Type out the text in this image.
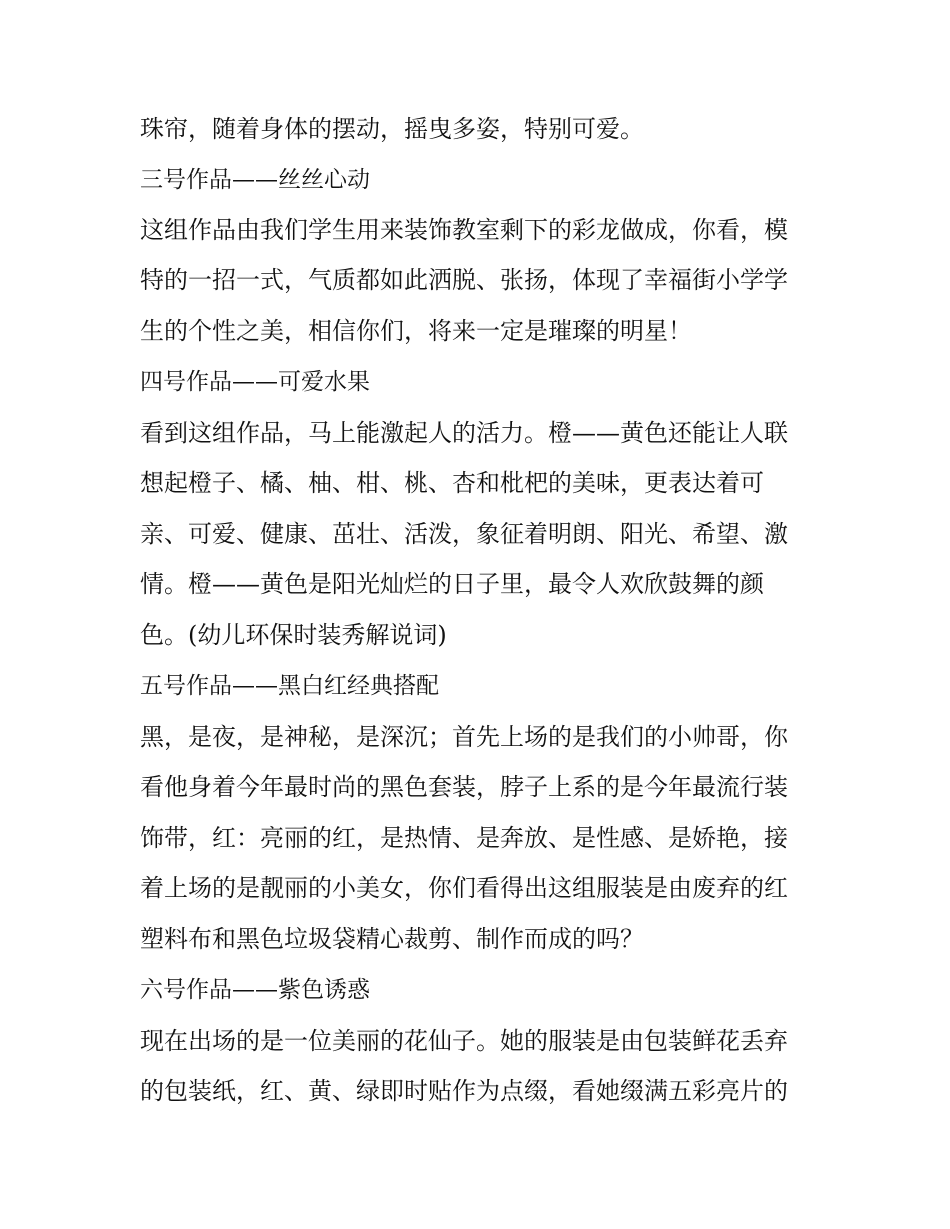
珠帘，随着身体的摆动，摇曳多姿，特别可爱。
三号作品——丝丝心动
这组作品由我们学生用来装饰教室剩下的彩龙做成，你看，模
特的一招一式，气质都如此洒脱、张扬，体现了幸福街小学学
生的个性之美，相信你们，将来一定是璀璨的明星！
四号作品——可爱水果
看到这组作品，马上能激起人的活力。橙——黄色还能让人联
想起橙子、橘、柚、柑、桃、杏和枇杷的美味，更表达着可
亲、可爱、健康、茁壮、活泼，象征着明朗、阳光、希望、激
情。橙——黄色是阳光灿烂的日子里，最令人欢欣鼓舞的颜
色。(幼儿环保时装秀解说词)
五号作品——黑白红经典搭配
黑，是夜，是神秘，是深沉；首先上场的是我们的小帅哥，你
看他身着今年最时尚的黑色套装，脖子上系的是今年最流行装
饰带，红：亮丽的红，是热情、是奔放、是性感、是娇艳，接
着上场的是靓丽的小美女，你们看得出这组服装是由废弃的红
塑料布和黑色垃圾袋精心裁剪、制作而成的吗？
六号作品——紫色诱惑
现在出场的是一位美丽的花仙子。她的服装是由包装鲜花丢弃
的包装纸，红、黄、绿即时贴作为点缀，看她缀满五彩亮片的
